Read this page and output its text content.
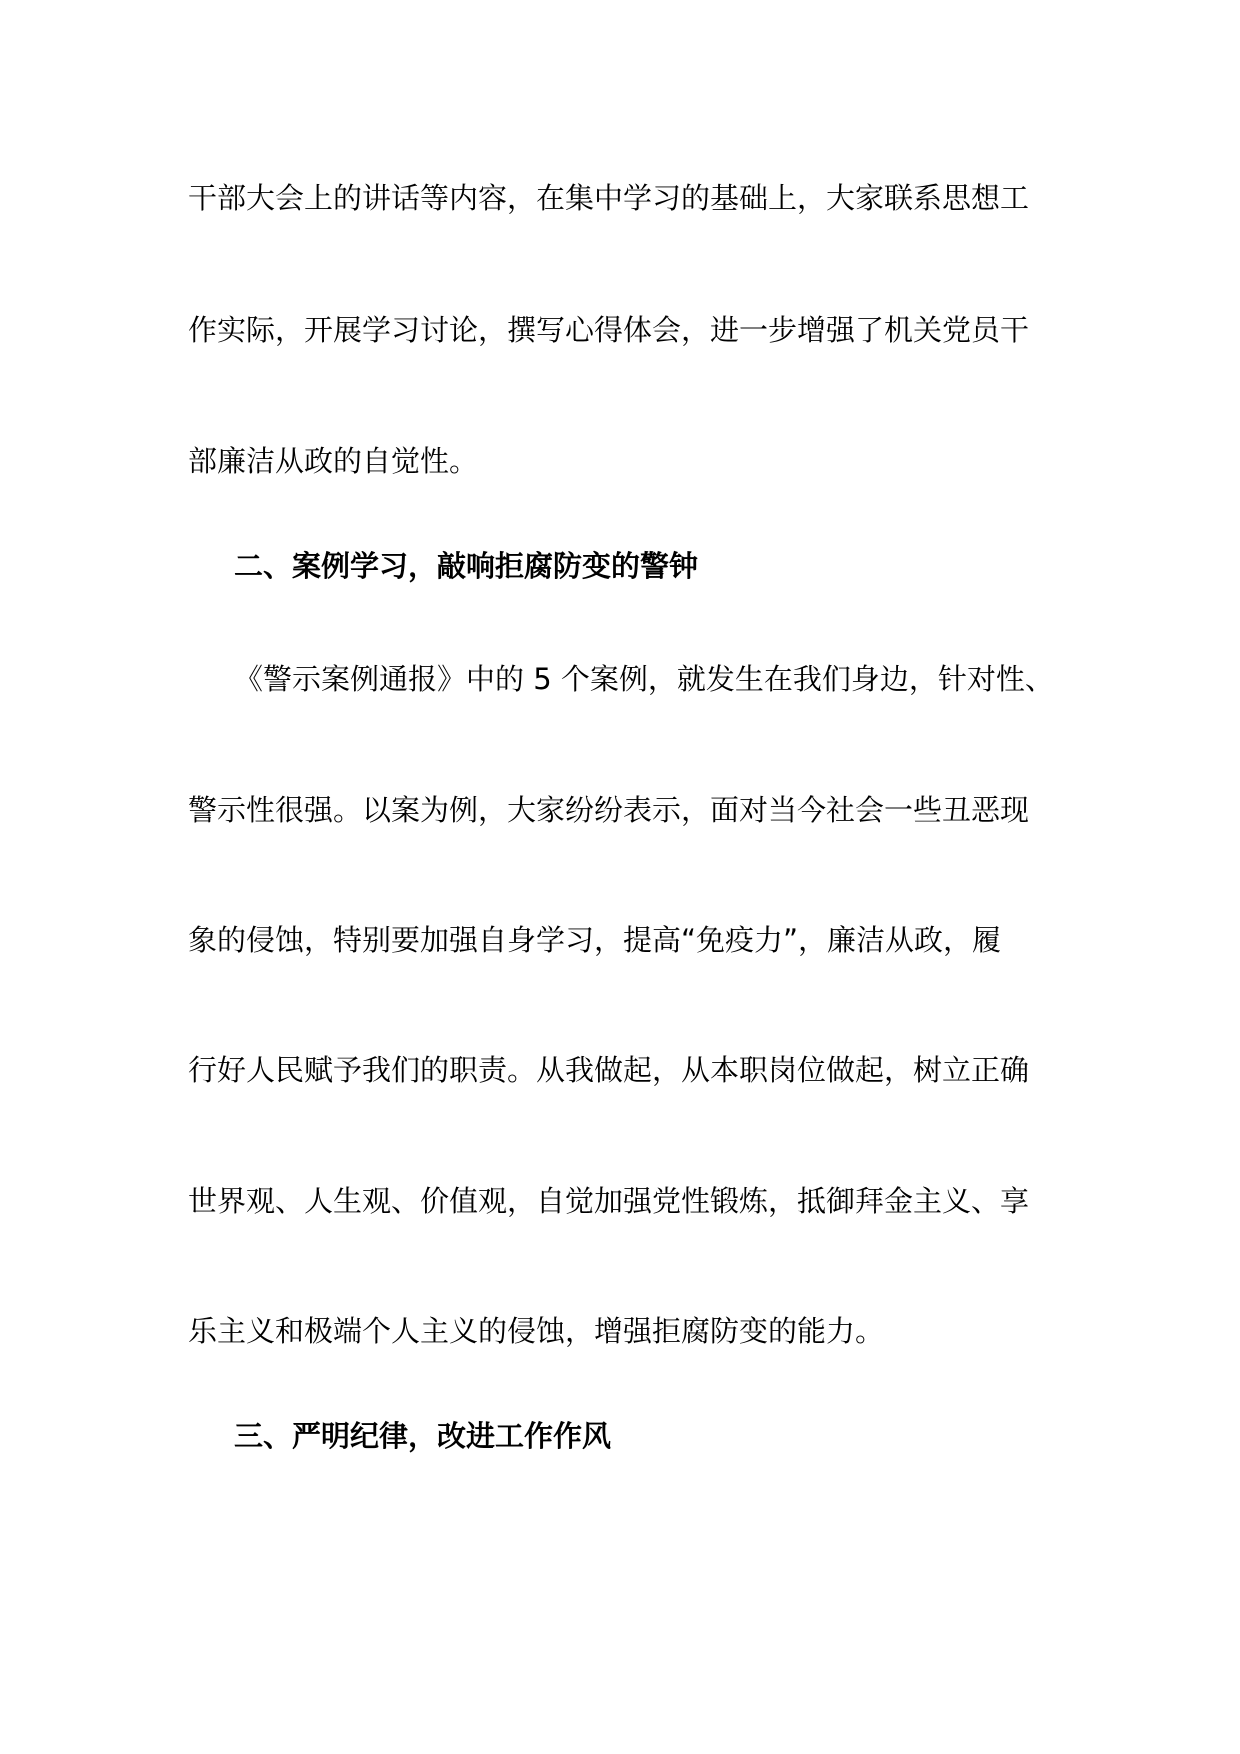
干部大会上的讲话等内容，在集中学习的基础上，大家联系思想工
作实际，开展学习讨论，撰写心得体会，进一步增强了机关党员干
部廉洁从政的自觉性。
二、案例学习，敲响拒腐防变的警钟
《警示案例通报》中的 5 个案例，就发生在我们身边，针对性、
警示性很强。以案为例，大家纷纷表示，面对当今社会一些丑恶现
象的侵蚀，特别要加强自身学习，提高“免疫力”，廉洁从政，履
行好人民赋予我们的职责。从我做起，从本职岗位做起，树立正确
世界观、人生观、价值观，自觉加强党性锻炼，抵御拜金主义、享
乐主义和极端个人主义的侵蚀，增强拒腐防变的能力。
三、严明纪律，改进工作作风
